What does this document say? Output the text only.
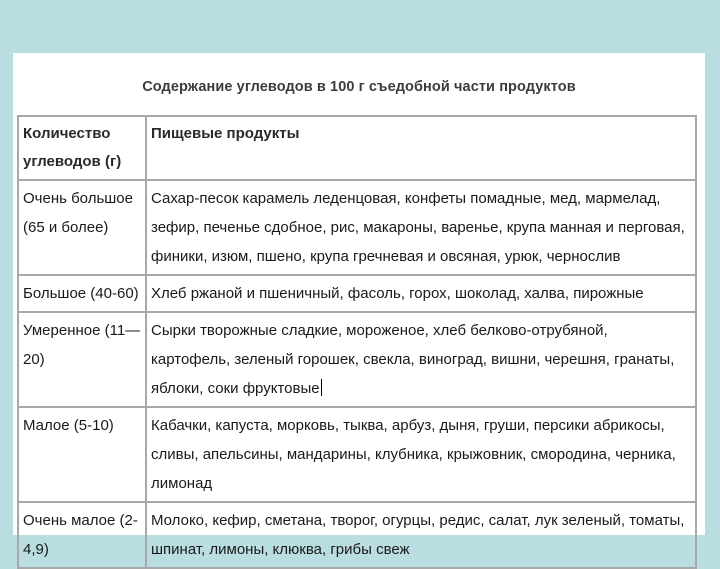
Содержание углеводов в 100 г съедобной части продуктов
Количество углеводов (г)	Пищевые продукты
Очень большое (65 и более)	Сахар-песок карамель леденцовая, конфеты помадные, мед, мармелад, зефир, печенье сдобное, рис, макароны, варенье, крупа манная и перговая, финики, изюм, пшено, крупа гречневая и овсяная, урюк, чернослив
Большое (40-60)	Хлеб ржаной и пшеничный, фасоль, горох, шоколад, халва, пирожные
Умеренное (11—20)	Сырки творожные сладкие, мороженое, хлеб белково-отрубяной, картофель, зеленый горошек, свекла, виноград, вишни, черешня, гранаты, яблоки, соки фруктовые
Малое (5-10)	Кабачки, капуста, морковь, тыква, арбуз, дыня, груши, персики абрикосы, сливы, апельсины, мандарины, клубника, крыжовник, смородина, черника, лимонад
Очень малое (2-4,9)	Молоко, кефир, сметана, творог, огурцы, редис, салат, лук зеленый, томаты, шпинат, лимоны, клюква, грибы свеж
